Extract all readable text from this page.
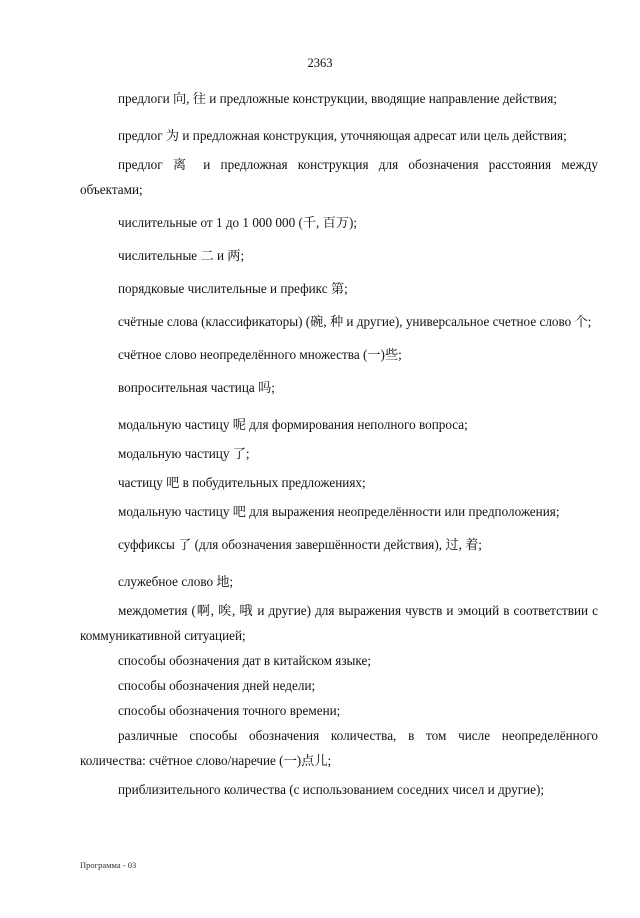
2363

предлоги 向, 往 и предложные конструкции, вводящие направление действия;

предлог 为 и предложная конструкция, уточняющая адресат или цель действия;

предлог 离 и предложная конструкция для обозначения расстояния между объектами;

числительные от 1 до 1 000 000 (千, 百万);

числительные 二 и 两;

порядковые числительные и префикс 第;

счётные слова (классификаторы) (碗, 种 и другие), универсальное счетное слово 个;

счётное слово неопределённого множества (一)些;

вопросительная частица 吗;

модальную частицу 呢 для формирования неполного вопроса;

модальную частицу 了;

частицу 吧 в побудительных предложениях;

модальную частицу 吧 для выражения неопределённости или предположения;

суффиксы 了 (для обозначения завершённости действия), 过, 着;

служебное слово 地;

междометия (啊, 唉, 哦 и другие) для выражения чувств и эмоций в соответствии с коммуникативной ситуацией;

способы обозначения дат в китайском языке;

способы обозначения дней недели;

способы обозначения точного времени;

различные способы обозначения количества, в том числе неопределённого количества: счётное слово/наречие (一)点儿;

приблизительного количества (с использованием соседних чисел и другие);

Программа - 03
